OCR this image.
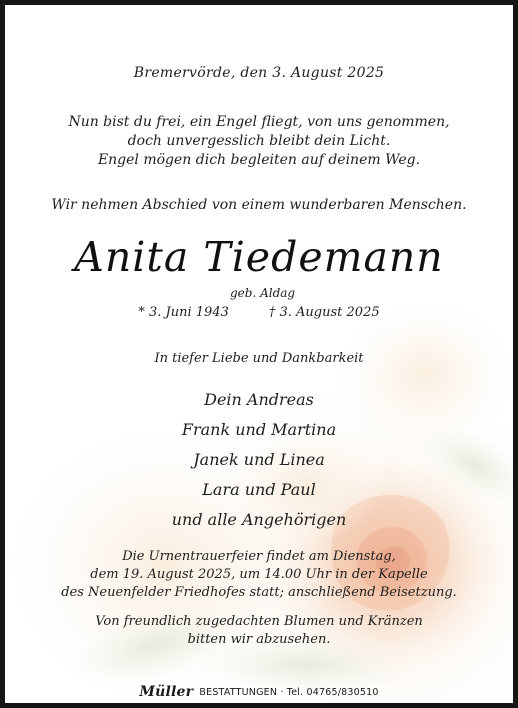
Bremervörde, den 3. August 2025
Nun bist du frei, ein Engel fliegt, von uns genommen,
doch unvergesslich bleibt dein Licht.
Engel mögen dich begleiten auf deinem Weg.
Wir nehmen Abschied von einem wunderbaren Menschen.
Anita Tiedemann
geb. Aldag
* 3. Juni 1943	† 3. August 2025
In tiefer Liebe und Dankbarkeit
Dein Andreas
Frank und Martina
Janek und Linea
Lara und Paul
und alle Angehörigen
Die Urnentrauerfeier findet am Dienstag,
dem 19. August 2025, um 14.00 Uhr in der Kapelle
des Neuenfelder Friedhofes statt; anschließend Beisetzung.
Von freundlich zugedachten Blumen und Kränzen
bitten wir abzusehen.
Müller BESTATTUNGEN · Tel. 04765/830510
